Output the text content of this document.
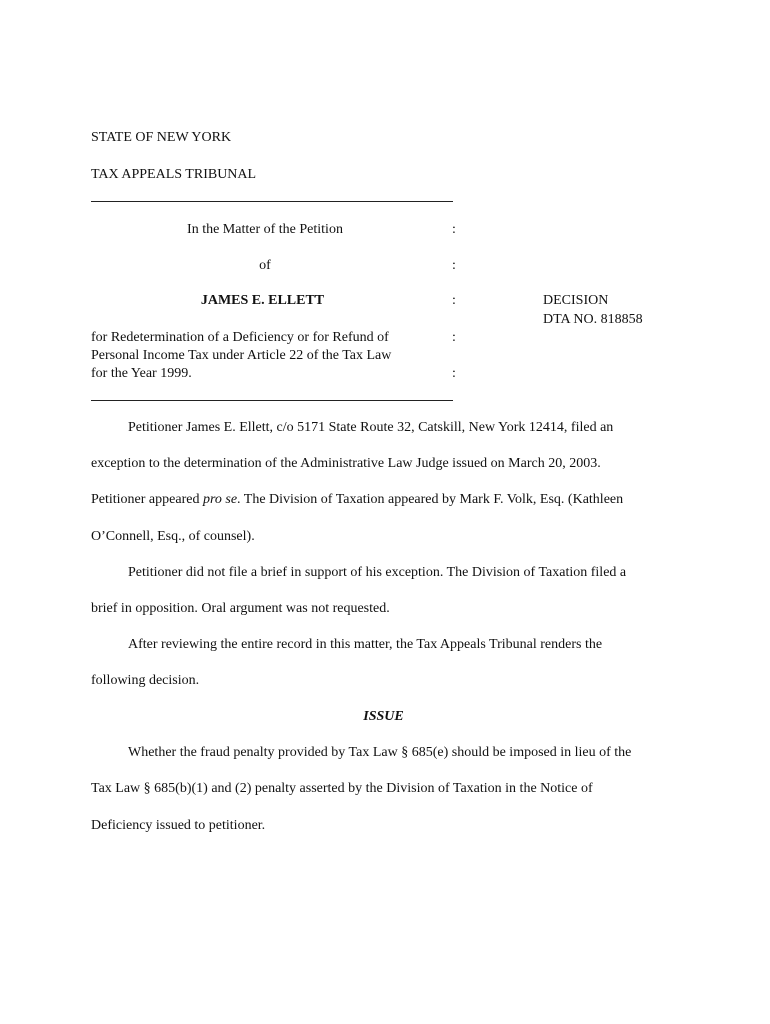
STATE OF NEW YORK
TAX APPEALS TRIBUNAL
In the Matter of the Petition	:
of	:
JAMES E. ELLETT	:	DECISION
DTA NO. 818858
for Redetermination of a Deficiency or for Refund of	:
Personal Income Tax under Article 22 of the Tax Law
for the Year 1999.	:
Petitioner James E. Ellett, c/o 5171 State Route 32, Catskill, New York 12414, filed an
exception to the determination of the Administrative Law Judge issued on March 20, 2003.
Petitioner appeared pro se. The Division of Taxation appeared by Mark F. Volk, Esq. (Kathleen
O’Connell, Esq., of counsel).
Petitioner did not file a brief in support of his exception. The Division of Taxation filed a
brief in opposition. Oral argument was not requested.
After reviewing the entire record in this matter, the Tax Appeals Tribunal renders the
following decision.
ISSUE
Whether the fraud penalty provided by Tax Law § 685(e) should be imposed in lieu of the
Tax Law § 685(b)(1) and (2) penalty asserted by the Division of Taxation in the Notice of
Deficiency issued to petitioner.
